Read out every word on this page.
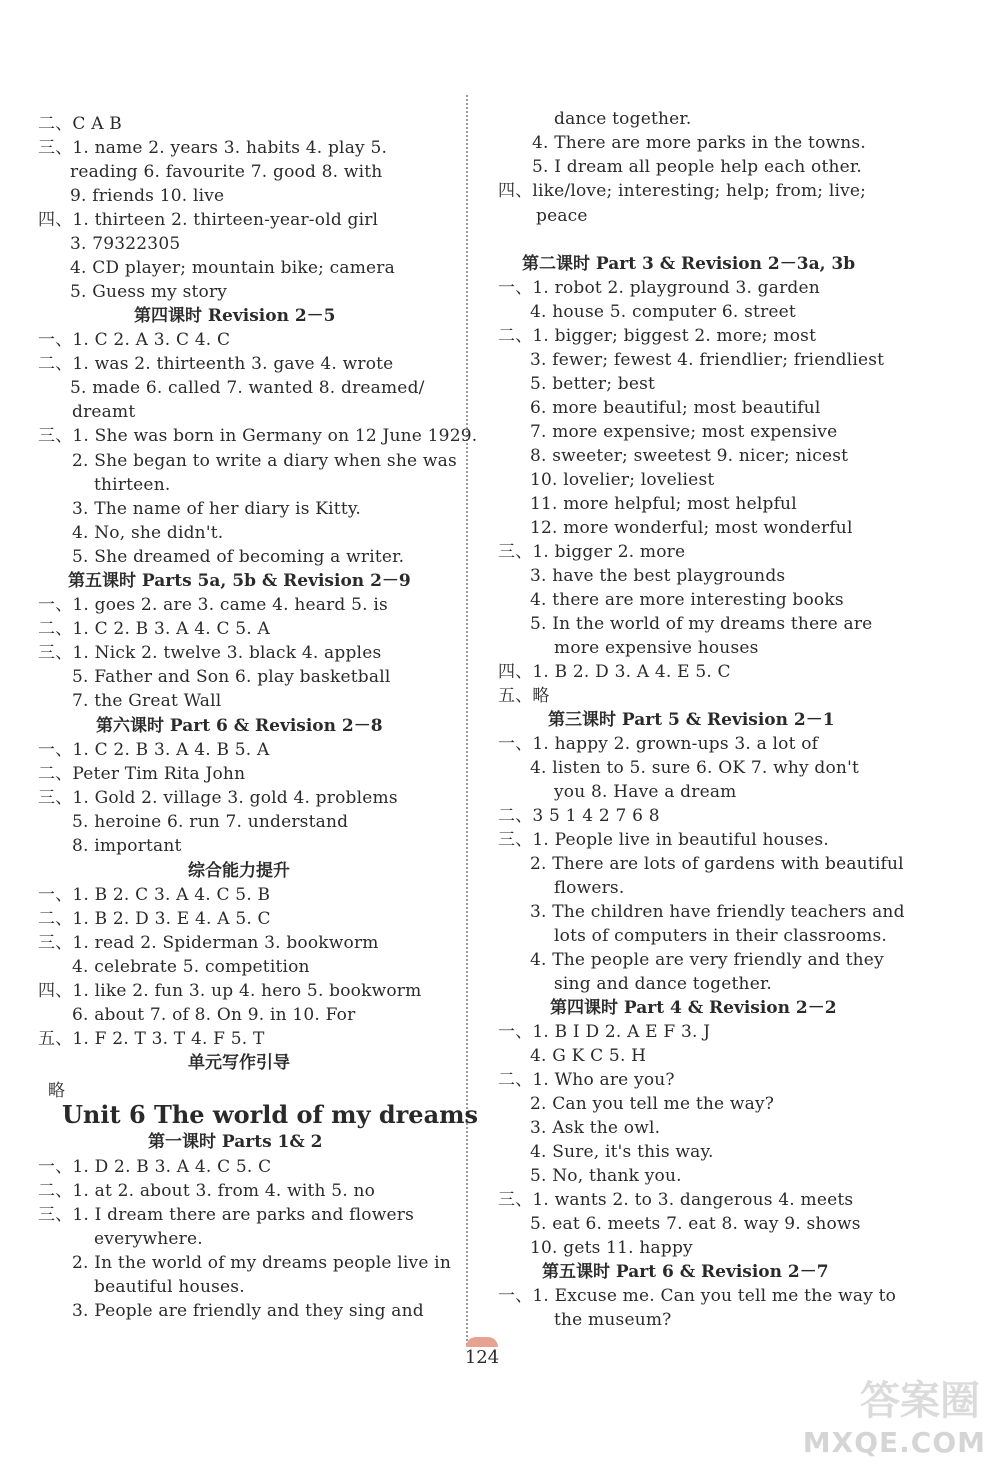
二、C A B
三、1. name 2. years 3. habits 4. play 5.
reading 6. favourite 7. good 8. with
9. friends 10. live
四、1. thirteen 2. thirteen-year-old girl
3. 79322305
4. CD player; mountain bike; camera
5. Guess my story
一、1. C 2. A 3. C 4. C
二、1. was 2. thirteenth 3. gave 4. wrote
5. made 6. called 7. wanted 8. dreamed/
dreamt
三、1. She was born in Germany on 12 June 1929.
2. She began to write a diary when she was
thirteen.
3. The name of her diary is Kitty.
4. No, she didn't.
5. She dreamed of becoming a writer.
一、1. goes 2. are 3. came 4. heard 5. is
二、1. C 2. B 3. A 4. C 5. A
三、1. Nick 2. twelve 3. black 4. apples
5. Father and Son 6. play basketball
7. the Great Wall
一、1. C 2. B 3. A 4. B 5. A
二、Peter Tim Rita John
三、1. Gold 2. village 3. gold 4. problems
5. heroine 6. run 7. understand
8. important
一、1. B 2. C 3. A 4. C 5. B
二、1. B 2. D 3. E 4. A 5. C
三、1. read 2. Spiderman 3. bookworm
4. celebrate 5. competition
四、1. like 2. fun 3. up 4. hero 5. bookworm
6. about 7. of 8. On 9. in 10. For
五、1. F 2. T 3. T 4. F 5. T
略
一、1. D 2. B 3. A 4. C 5. C
二、1. at 2. about 3. from 4. with 5. no
三、1. I dream there are parks and flowers
everywhere.
2. In the world of my dreams people live in
beautiful houses.
3. People are friendly and they sing and
第四课时 Revision 2－5
第五课时 Parts 5a, 5b & Revision 2－9
第六课时 Part 6 & Revision 2－8
综合能力提升
单元写作引导
第一课时 Parts 1& 2
Unit 6 The world of my dreams
dance together.
4. There are more parks in the towns.
5. I dream all people help each other.
四、like/love; interesting; help; from; live;
peace
一、1. robot 2. playground 3. garden
4. house 5. computer 6. street
二、1. bigger; biggest 2. more; most
3. fewer; fewest 4. friendlier; friendliest
5. better; best
6. more beautiful; most beautiful
7. more expensive; most expensive
8. sweeter; sweetest 9. nicer; nicest
10. lovelier; loveliest
11. more helpful; most helpful
12. more wonderful; most wonderful
三、1. bigger 2. more
3. have the best playgrounds
4. there are more interesting books
5. In the world of my dreams there are
more expensive houses
四、1. B 2. D 3. A 4. E 5. C
五、略
一、1. happy 2. grown-ups 3. a lot of
4. listen to 5. sure 6. OK 7. why don't
you 8. Have a dream
二、3 5 1 4 2 7 6 8
三、1. People live in beautiful houses.
2. There are lots of gardens with beautiful
flowers.
3. The children have friendly teachers and
lots of computers in their classrooms.
4. The people are very friendly and they
sing and dance together.
一、1. B I D 2. A E F 3. J
4. G K C 5. H
二、1. Who are you?
2. Can you tell me the way?
3. Ask the owl.
4. Sure, it's this way.
5. No, thank you.
三、1. wants 2. to 3. dangerous 4. meets
5. eat 6. meets 7. eat 8. way 9. shows
10. gets 11. happy
一、1. Excuse me. Can you tell me the way to
the museum?
第二课时 Part 3 & Revision 2－3a, 3b
第三课时 Part 5 & Revision 2－1
第四课时 Part 4 & Revision 2－2
第五课时 Part 6 & Revision 2－7
124
答案圈
MXQE.COM
